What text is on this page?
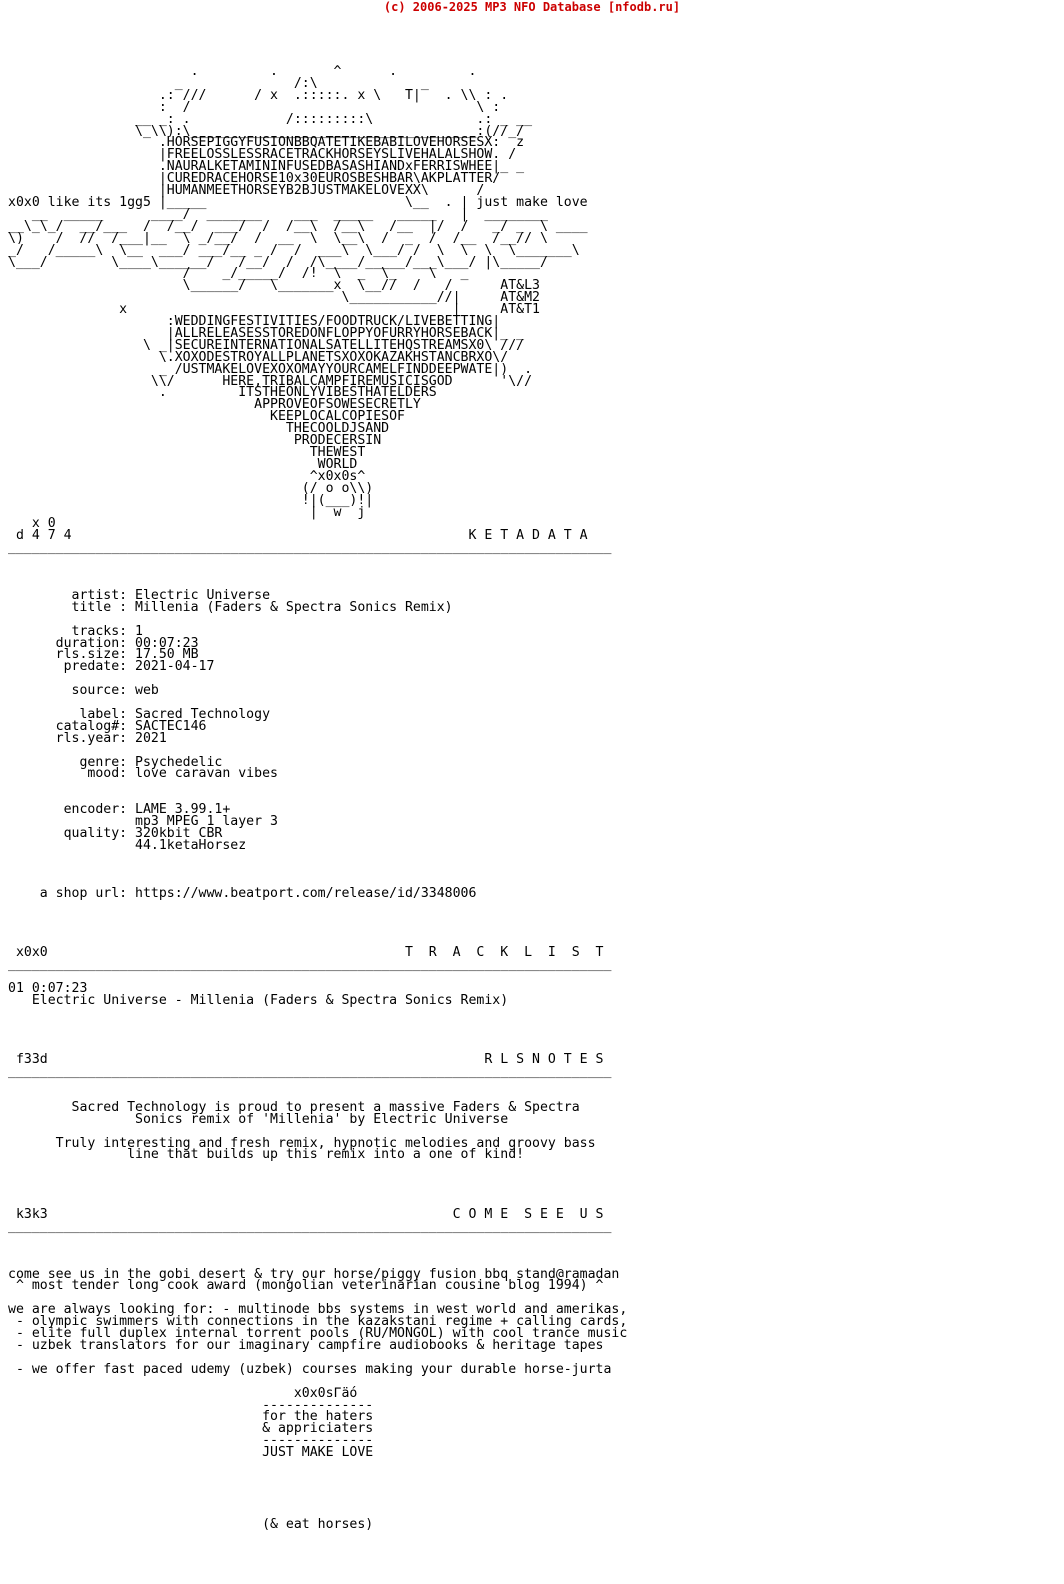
(c) 2006-2025 MP3 NFO Database [nfodb.ru]
.         .       ^      .         .
_              /:\             _
.: ///      / x  .:::::. x \   T|   . \\ : .
:  /                                    \ :
__ _: .            /:::::::::\             .: _ __
\_\\):\____________________________________:(//_/
.HORSEPIGGYFUSIONBBQATETIKEBABILOVEHORSESX:  z
|FREELOSSLESSRACETRACKHORSEYSLIVEHALALSHOW. /
.NAURALKETAMININFUSEDBASASHIANDxFERRISWHEE|_ _
|CUREDRACEHORSE10x30EUROSBESHBAR\AKPLATTER/
|HUMANMEETHORSEYB2BJUSTMAKELOVEXX\      /
x0x0 like its 1gg5 |_____                         \__  . | just make love
__  _____      ____/  _______    ___  _____   _____   |  ________
__\_\_/  __/___  /  /__/  ___/  /  /__\  /__\   /__  |/  /   _/ _  \ ____
\)    /  //  /___|__  \ _/__/  /  __  \  \__\  /  _  /  /__  /__// \
_/   /_____\  \__  ___/ ___/__ _ /  /  ___\  \___/ /  \  \  \  \_______\
\___/        \____\______/   /__/  /  /\____/_____/___\___/ |\_____/
/    _/_____/  /!  \  _  \_    \   _
\______/   \_______x  \__//  /   /      AT&L3
\___________//|     AT&M2
x                                         |     AT&T1
:WEDDINGFESTIVITIES/FOODTRUCK/LIVEBETTING|
|ALLRELEASESSTOREDONFLOPPYOFURRYHORSEBACK|_ _
\ _|SECUREINTERNATIONALSATELLITEHQSTREAMSX0\ ///
\.XOXODESTROYALLPLANETSXOXOKAZAKHSTANCBRXO\/
_ /USTMAKELOVEXOXOMAYYOURCAMELFINDDEEPWATE|)  .
\\/      HERE,TRIBALCAMPFIREMUSICISGOD      '\//
.         ITSTHEONLYVIBESTHATELDERS
APPROVEOFSOWESECRETLY
KEEPLOCALCOPIESOF
THECOOLDJSAND
PRODECERSIN
THEWEST
WORLD
^x0x0s^
(/ o o\\)
!|(___)!|
|  w  j
x 0
d 4 7 4                                                  K E T A D A T A
____________________________________________________________________________

artist: Electric Universe
title : Millenia (Faders & Spectra Sonics Remix)

tracks: 1
duration: 00:07:23
rls.size: 17.50 MB
predate: 2021-04-17

source: web

label: Sacred Technology
catalog#: SACTEC146
rls.year: 2021

genre: Psychedelic
mood: love caravan vibes

encoder: LAME 3.99.1+
mp3 MPEG 1 layer 3
quality: 320kbit CBR
44.1ketaHorsez

a shop url: https://www.beatport.com/release/id/3348006

x0x0                                             T  R  A  C  K  L  I  S  T
____________________________________________________________________________

01 0:07:23
Electric Universe - Millenia (Faders & Spectra Sonics Remix)

f33d                                                       R L S N O T E S
____________________________________________________________________________

Sacred Technology is proud to present a massive Faders & Spectra
Sonics remix of 'Millenia' by Electric Universe

Truly interesting and fresh remix, hypnotic melodies and groovy bass
line that builds up this remix into a one of kind!

k3k3                                                   C O M E  S E E  U S
____________________________________________________________________________

come see us in the gobi desert & try our horse/piggy fusion bbq stand@ramadan
^ most tender long cook award (mongolian veterinarian cousine blog 1994) ^

we are always looking for: - multinode bbs systems in west world and amerikas,
- olympic swimmers with connections in the kazakstani regime + calling cards,
- elite full duplex internal torrent pools (RU/MONGOL) with cool trance music
- uzbek translators for our imaginary campfire audiobooks & heritage tapes

- we offer fast paced udemy (uzbek) courses making your durable horse-jurta

x0x0sΓäó
--------------
for the haters
& appriciaters
--------------
JUST MAKE LOVE

(& eat horses)
